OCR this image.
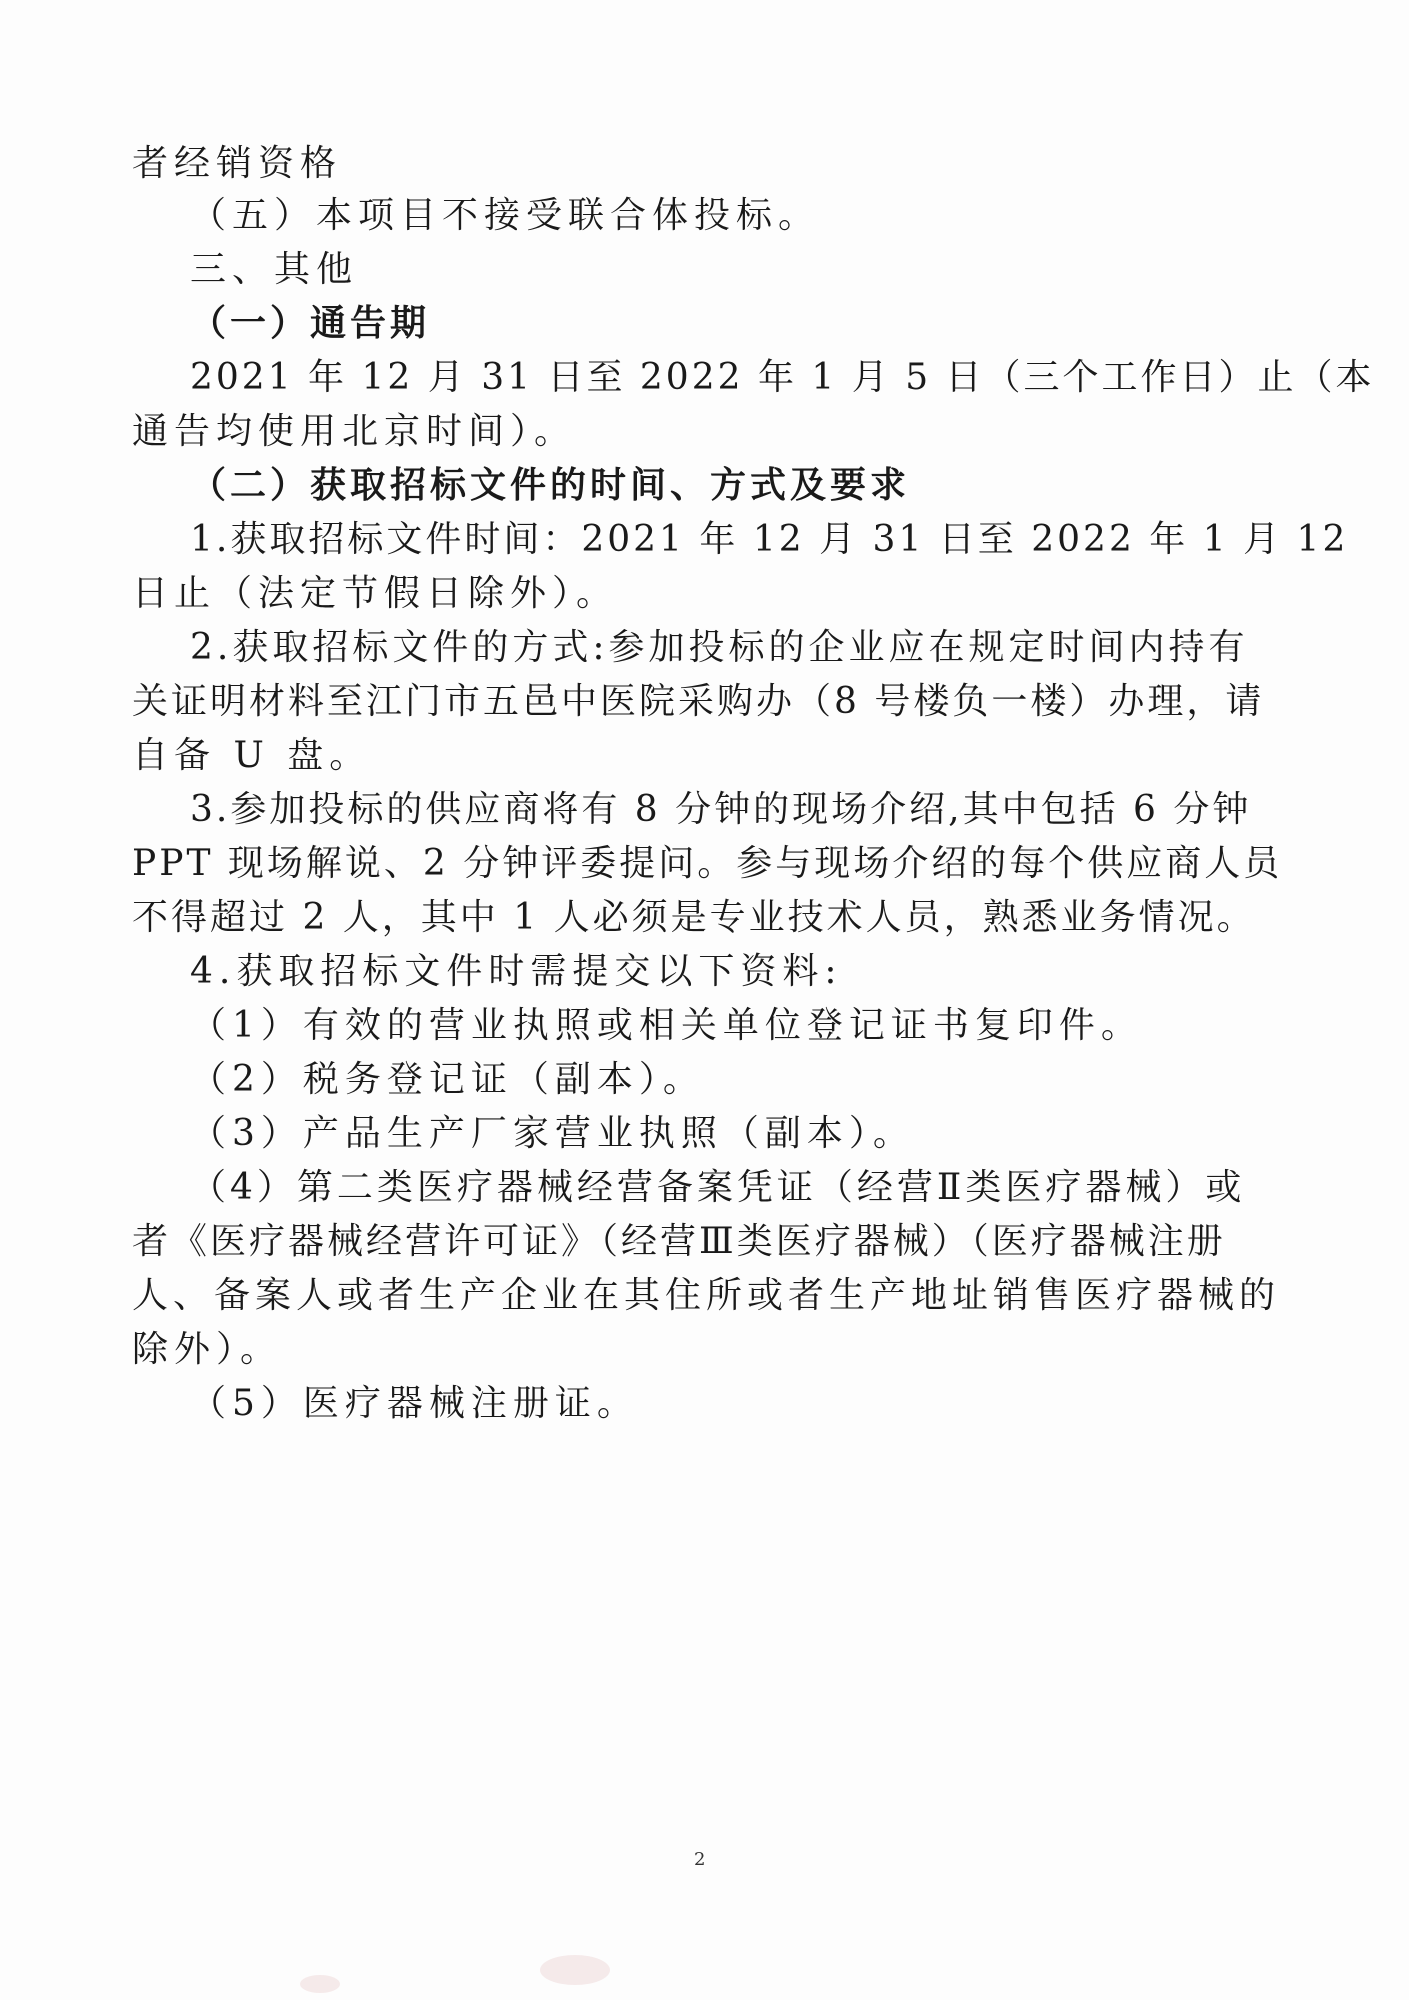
者经销资格
（五）本项目不接受联合体投标。
三、其他
（一）通告期
2021 年 12 月 31 日至 2022 年 1 月 5 日（三个工作日）止（本
通告均使用北京时间）。
（二）获取招标文件的时间、方式及要求
1.获取招标文件时间：2021 年 12 月 31 日至 2022 年 1 月 12
日止（法定节假日除外）。
2.获取招标文件的方式:参加投标的企业应在规定时间内持有
关证明材料至江门市五邑中医院采购办（8 号楼负一楼）办理，请
自备 U 盘。
3.参加投标的供应商将有 8 分钟的现场介绍,其中包括 6 分钟
PPT 现场解说、2 分钟评委提问。参与现场介绍的每个供应商人员
不得超过 2 人，其中 1 人必须是专业技术人员，熟悉业务情况。
4.获取招标文件时需提交以下资料:
（1）有效的营业执照或相关单位登记证书复印件。
（2）税务登记证（副本）。
（3）产品生产厂家营业执照（副本）。
（4）第二类医疗器械经营备案凭证（经营Ⅱ类医疗器械）或
者《医疗器械经营许可证》（经营Ⅲ类医疗器械）（医疗器械注册
人、备案人或者生产企业在其住所或者生产地址销售医疗器械的
除外）。
（5）医疗器械注册证。
2
